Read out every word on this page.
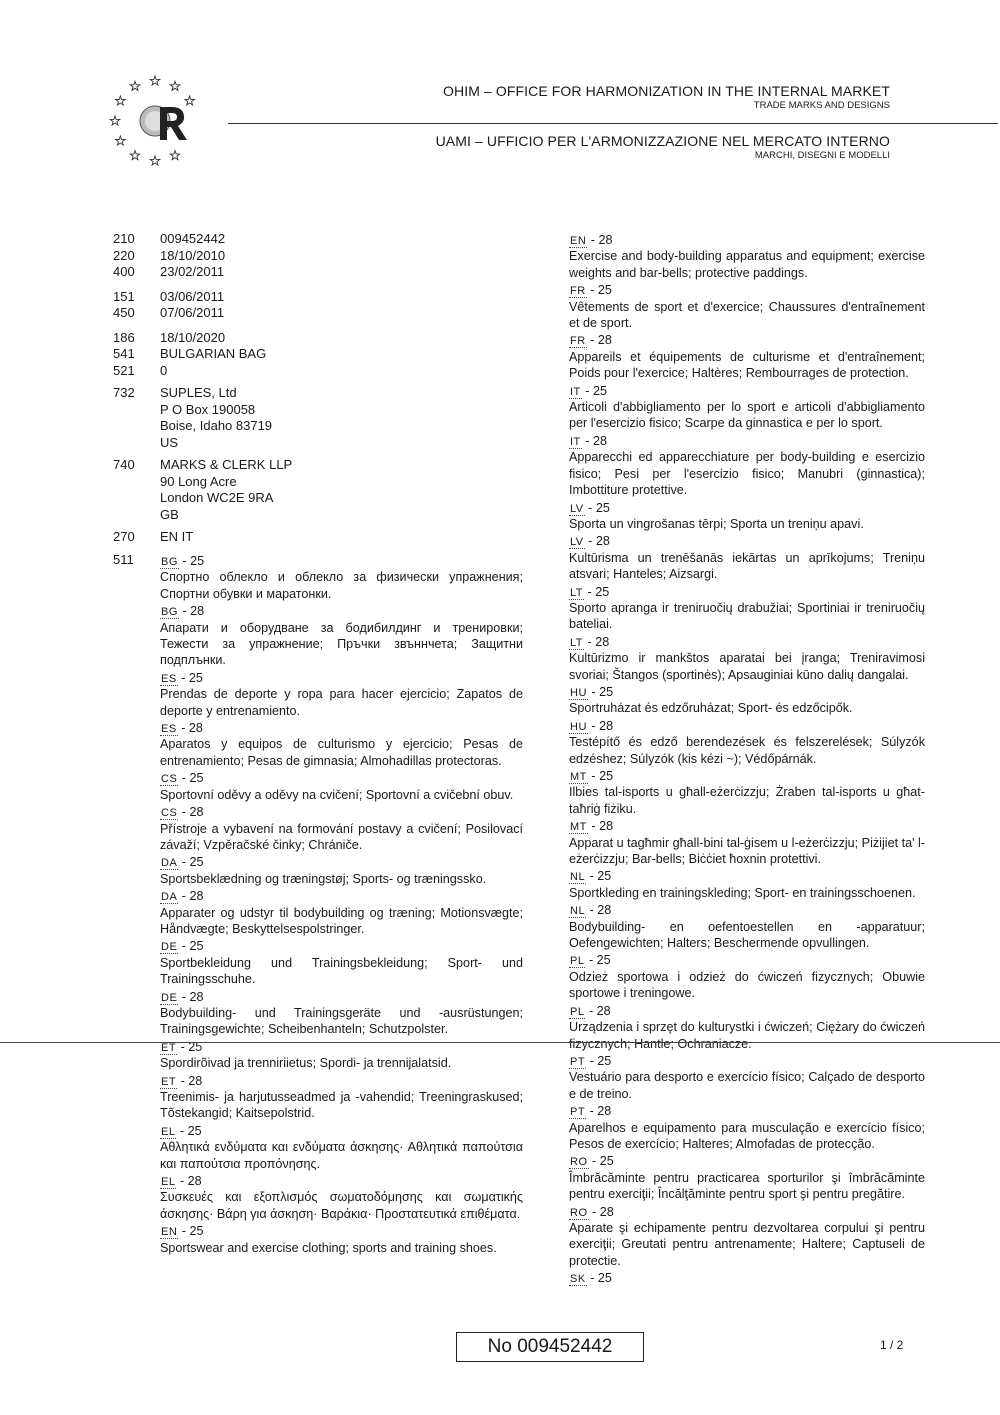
OHIM – OFFICE FOR HARMONIZATION IN THE INTERNAL MARKET
TRADE MARKS AND DESIGNS
UAMI – UFFICIO PER L'ARMONIZZAZIONE NEL MERCATO INTERNO
MARCHI, DISEGNI E MODELLI
210	009452442
220	18/10/2010
400	23/02/2011
151	03/06/2011
450	07/06/2011
186	18/10/2020
541	BULGARIAN BAG
521	0
732	SUPLES, Ltd
P O Box 190058
Boise, Idaho 83719
US
740	MARKS & CLERK LLP
90 Long Acre
London WC2E 9RA
GB
270	EN IT
511	BG - 25
Спортно облекло и облекло за физически упражнения; Спортни обувки и маратонки.
BG - 28
Апарати и оборудване за бодибилдинг и тренировки; Тежести за упражнение; Пръчки звъннчета; Защитни подплънки.
ES - 25
Prendas de deporte y ropa para hacer ejercicio; Zapatos de deporte y entrenamiento.
ES - 28
Aparatos y equipos de culturismo y ejercicio; Pesas de entrenamiento; Pesas de gimnasia; Almohadillas protectoras.
CS - 25
Sportovní oděvy a oděvy na cvičení; Sportovní a cvičební obuv.
CS - 28
Přístroje a vybavení na formování postavy a cvičení; Posilovací závaží; Vzpěračské činky; Chrániče.
DA - 25
Sportsbeklædning og træningstøj; Sports- og træningssko.
DA - 28
Apparater og udstyr til bodybuilding og træning; Motionsvægte; Håndvægte; Beskyttelsespolstringer.
DE - 25
Sportbekleidung und Trainingsbekleidung; Sport- und Trainingsschuhe.
DE - 28
Bodybuilding- und Trainingsgeräte und -ausrüstungen; Trainingsgewichte; Scheibenhanteln; Schutzpolster.
ET - 25
Spordirõivad ja trenniriietus; Spordi- ja trennijalatsid.
ET - 28
Treenimis- ja harjutusseadmed ja -vahendid; Treeningraskused; Tõstekangid; Kaitsepolstrid.
EL - 25
Αθλητικά ενδύματα και ενδύματα άσκησης· Αθλητικά παπούτσια και παπούτσια προπόνησης.
EL - 28
Συσκευές και εξοπλισμός σωματοδόμησης και σωματικής άσκησης· Βάρη για άσκηση· Βαράκια· Προστατευτικά επιθέματα.
EN - 25
Sportswear and exercise clothing; sports and training shoes.
EN - 28
Exercise and body-building apparatus and equipment; exercise weights and bar-bells; protective paddings.
FR - 25
Vêtements de sport et d'exercice; Chaussures d'entraînement et de sport.
FR - 28
Appareils et équipements de culturisme et d'entraînement; Poids pour l'exercice; Haltères; Rembourrages de protection.
IT - 25
Articoli d'abbigliamento per lo sport e articoli d'abbigliamento per l'esercizio fisico; Scarpe da ginnastica e per lo sport.
IT - 28
Apparecchi ed apparecchiature per body-building e esercizio fisico; Pesi per l'esercizio fisico; Manubri (ginnastica); Imbottiture protettive.
LV - 25
Sporta un vingrošanas tērpi; Sporta un treniņu apavi.
LV - 28
Kultūrisma un trenēšanās iekārtas un aprīkojums; Treniņu atsvari; Hanteles; Aizsargi.
LT - 25
Sporto apranga ir treniruočių drabužiai; Sportiniai ir treniruočių bateliai.
LT - 28
Kultūrizmo ir mankštos aparatai bei įranga; Treniravimosi svoriai; Štangos (sportinės); Apsauginiai kūno dalių dangalai.
HU - 25
Sportruházat és edzőruházat; Sport- és edzőcipők.
HU - 28
Testépítő és edző berendezések és felszerelések; Súlyzók edzéshez; Súlyzók (kis kézi ~); Védőpárnák.
MT - 25
Ilbies tal-isports u għall-eżerċizzju; Żraben tal-isports u għat-taħriġ fiżiku.
MT - 28
Apparat u tagħmir għall-bini tal-ġisem u l-eżerċizzju; Piżijiet ta' l-eżerċizzju; Bar-bells; Biċċiet ħoxnin protettivi.
NL - 25
Sportkleding en trainingskleding; Sport- en trainingsschoenen.
NL - 28
Bodybuilding- en oefentoestellen en -apparatuur; Oefengewichten; Halters; Beschermende opvullingen.
PL - 25
Odzież sportowa i odzież do ćwiczeń fizycznych; Obuwie sportowe i treningowe.
PL - 28
Urządzenia i sprzęt do kulturystki i ćwiczeń; Ciężary do ćwiczeń fizycznych; Hantle; Ochraniacze.
PT - 25
Vestuário para desporto e exercício físico; Calçado de desporto e de treino.
PT - 28
Aparelhos e equipamento para musculação e exercício físico; Pesos de exercício; Halteres; Almofadas de protecção.
RO - 25
Îmbrăcăminte pentru practicarea sporturilor şi îmbrăcăminte pentru exerciţii; Încălţăminte pentru sport şi pentru pregătire.
RO - 28
Aparate şi echipamente pentru dezvoltarea corpului şi pentru exerciţii; Greutati pentru antrenamente; Haltere; Captuseli de protectie.
SK - 25
No 009452442	1 / 2
